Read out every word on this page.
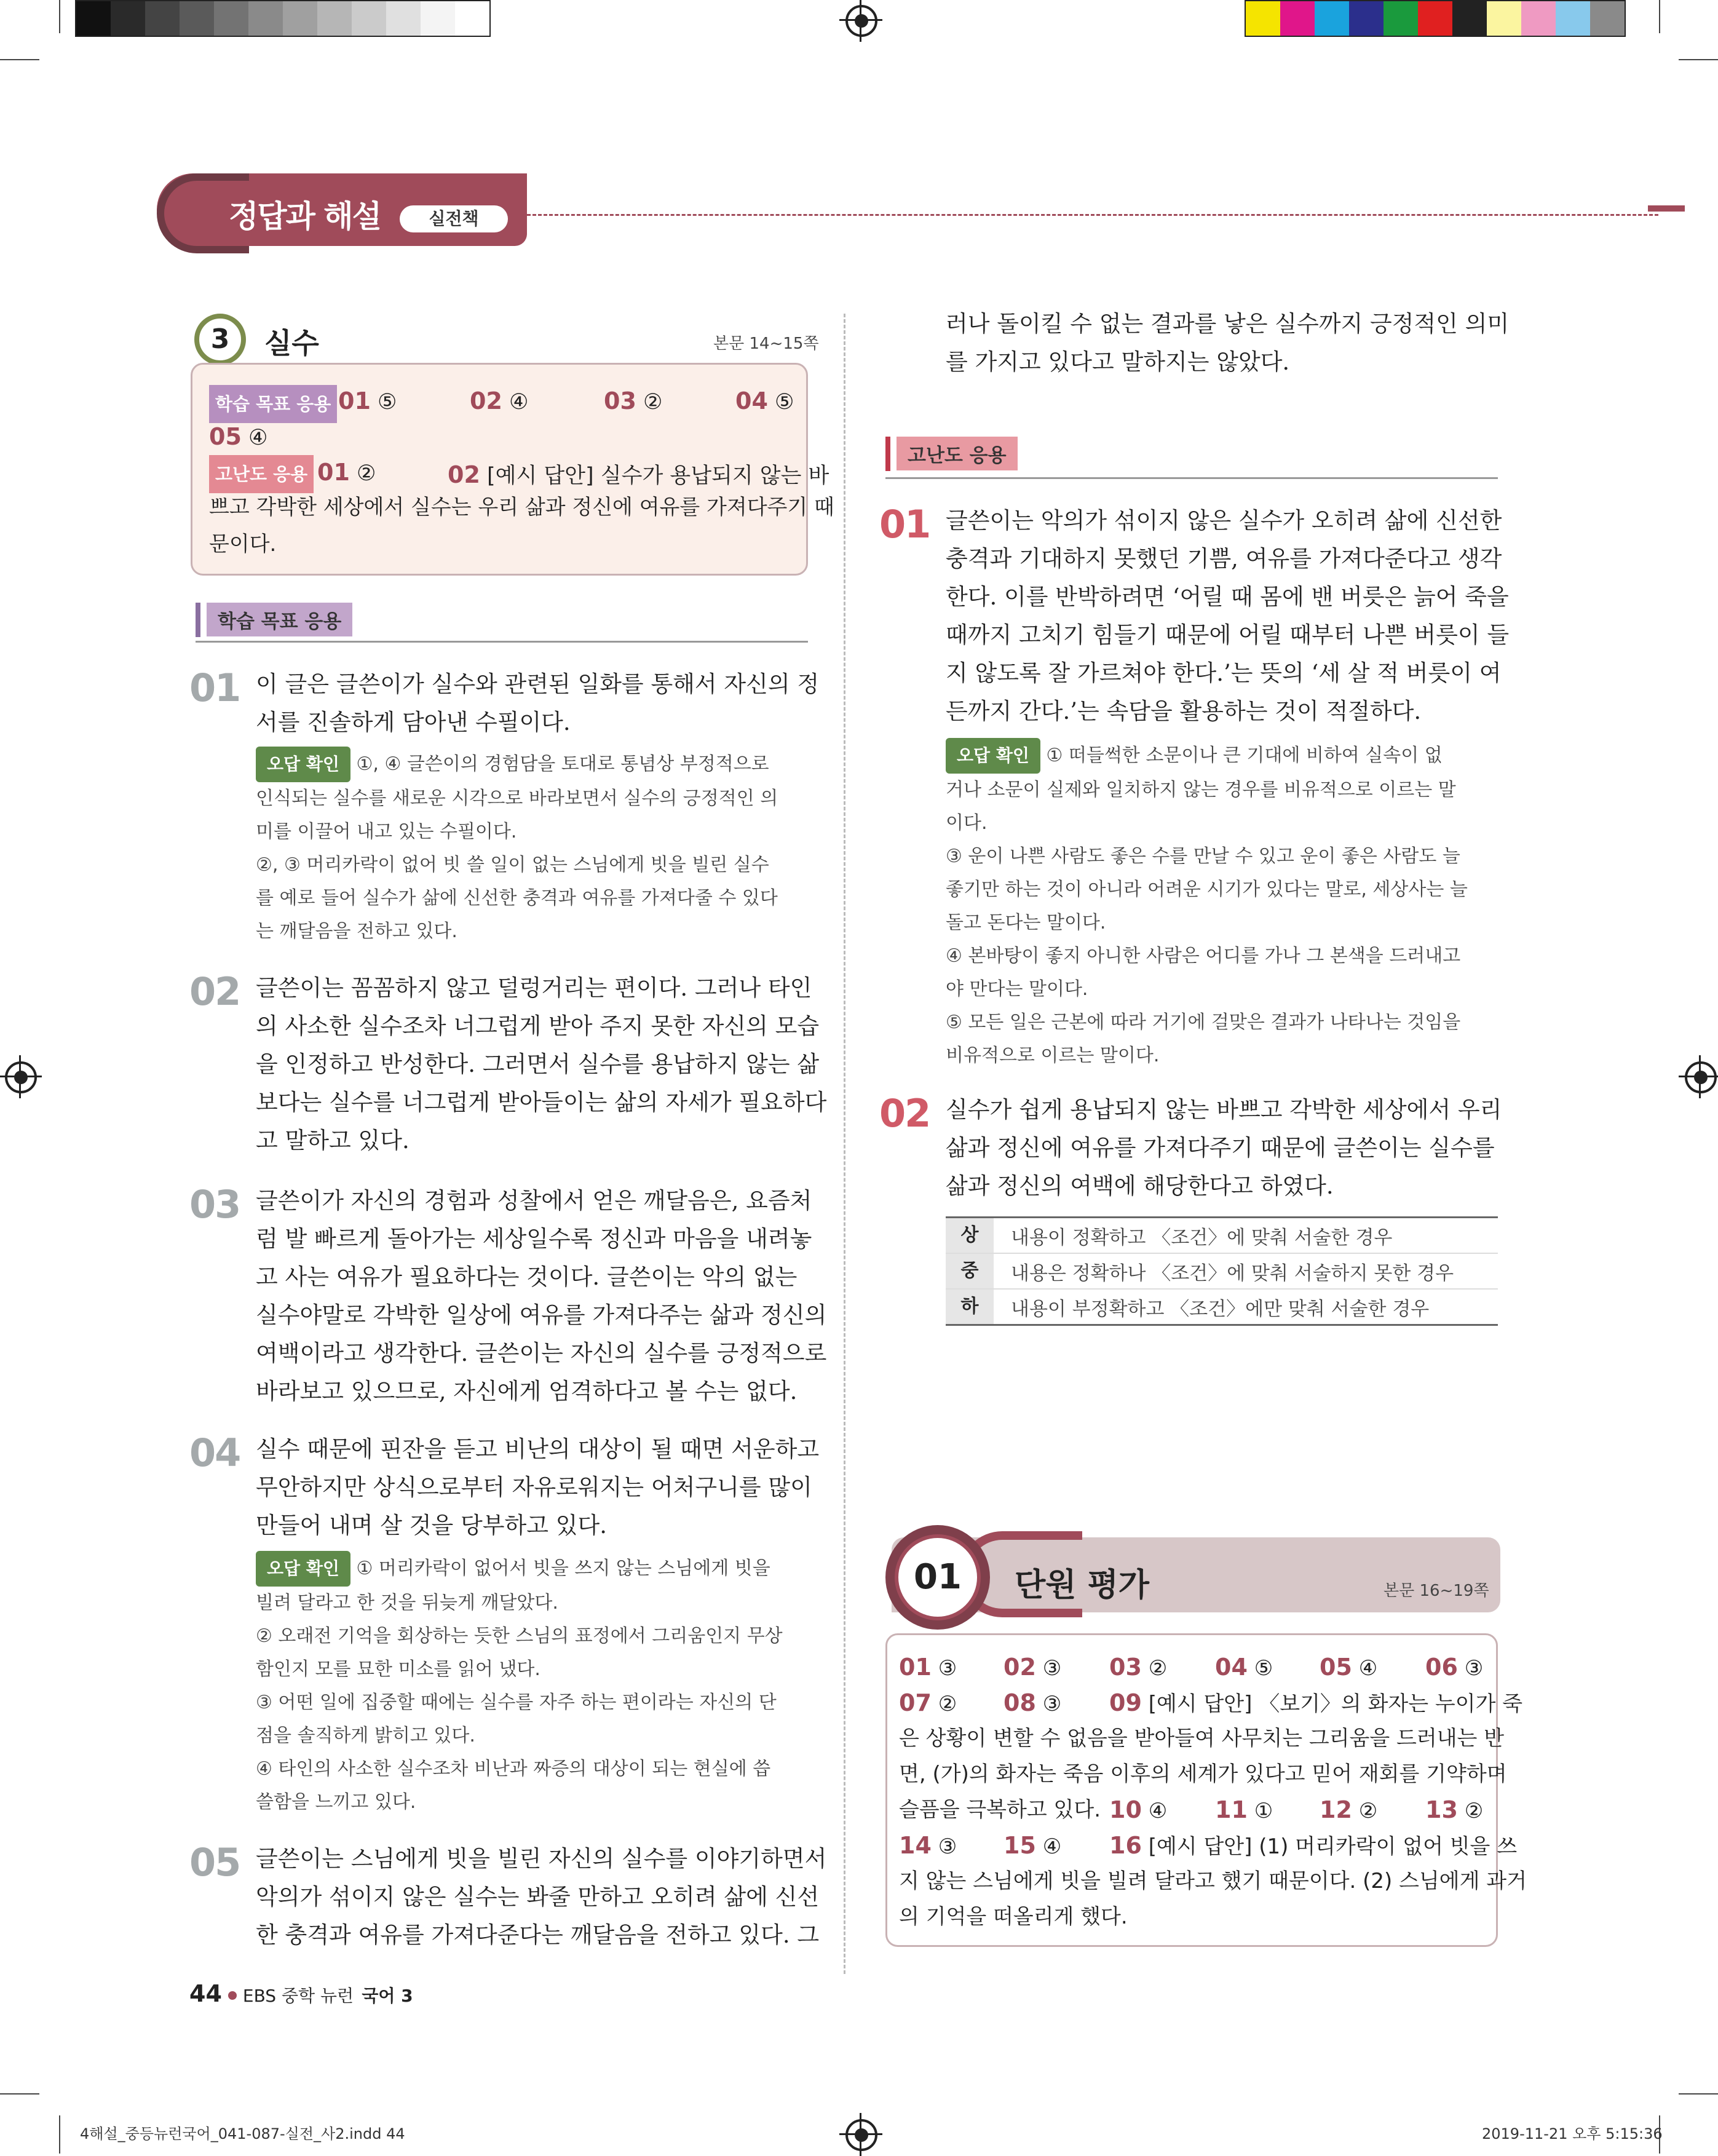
정답과 해설	실전책
3	실수	본문 14~15쪽
학습 목표 응용 01 ⑤	02 ④	03 ②	04 ⑤
05 ④
고난도 응용 01 ②	02 [예시 답안] 실수가 용납되지 않는 바
쁘고 각박한 세상에서 실수는 우리 삶과 정신에 여유를 가져다주기 때
문이다.
학습 목표 응용
01 이 글은 글쓴이가 실수와 관련된 일화를 통해서 자신의 정
서를 진솔하게 담아낸 수필이다.
오답 확인 ①, ④ 글쓴이의 경험담을 토대로 통념상 부정적으로
인식되는 실수를 새로운 시각으로 바라보면서 실수의 긍정적인 의
미를 이끌어 내고 있는 수필이다.
②, ③ 머리카락이 없어 빗 쓸 일이 없는 스님에게 빗을 빌린 실수
를 예로 들어 실수가 삶에 신선한 충격과 여유를 가져다줄 수 있다
는 깨달음을 전하고 있다.
02 글쓴이는 꼼꼼하지 않고 덜렁거리는 편이다. 그러나 타인
의 사소한 실수조차 너그럽게 받아 주지 못한 자신의 모습
을 인정하고 반성한다. 그러면서 실수를 용납하지 않는 삶
보다는 실수를 너그럽게 받아들이는 삶의 자세가 필요하다
고 말하고 있다.
03 글쓴이가 자신의 경험과 성찰에서 얻은 깨달음은, 요즘처
럼 발 빠르게 돌아가는 세상일수록 정신과 마음을 내려놓
고 사는 여유가 필요하다는 것이다. 글쓴이는 악의 없는
실수야말로 각박한 일상에 여유를 가져다주는 삶과 정신의
여백이라고 생각한다. 글쓴이는 자신의 실수를 긍정적으로
바라보고 있으므로, 자신에게 엄격하다고 볼 수는 없다.
04 실수 때문에 핀잔을 듣고 비난의 대상이 될 때면 서운하고
무안하지만 상식으로부터 자유로워지는 어처구니를 많이
만들어 내며 살 것을 당부하고 있다.
오답 확인 ① 머리카락이 없어서 빗을 쓰지 않는 스님에게 빗을
빌려 달라고 한 것을 뒤늦게 깨달았다.
② 오래전 기억을 회상하는 듯한 스님의 표정에서 그리움인지 무상
함인지 모를 묘한 미소를 읽어 냈다.
③ 어떤 일에 집중할 때에는 실수를 자주 하는 편이라는 자신의 단
점을 솔직하게 밝히고 있다.
④ 타인의 사소한 실수조차 비난과 짜증의 대상이 되는 현실에 씁
쓸함을 느끼고 있다.
05 글쓴이는 스님에게 빗을 빌린 자신의 실수를 이야기하면서
악의가 섞이지 않은 실수는 봐줄 만하고 오히려 삶에 신선
한 충격과 여유를 가져다준다는 깨달음을 전하고 있다. 그
러나 돌이킬 수 없는 결과를 낳은 실수까지 긍정적인 의미
를 가지고 있다고 말하지는 않았다.
고난도 응용
01 글쓴이는 악의가 섞이지 않은 실수가 오히려 삶에 신선한
충격과 기대하지 못했던 기쁨, 여유를 가져다준다고 생각
한다. 이를 반박하려면 ‘어릴 때 몸에 밴 버릇은 늙어 죽을
때까지 고치기 힘들기 때문에 어릴 때부터 나쁜 버릇이 들
지 않도록 잘 가르쳐야 한다.’는 뜻의 ‘세 살 적 버릇이 여
든까지 간다.’는 속담을 활용하는 것이 적절하다.
오답 확인 ① 떠들썩한 소문이나 큰 기대에 비하여 실속이 없
거나 소문이 실제와 일치하지 않는 경우를 비유적으로 이르는 말
이다.
③ 운이 나쁜 사람도 좋은 수를 만날 수 있고 운이 좋은 사람도 늘
좋기만 하는 것이 아니라 어려운 시기가 있다는 말로, 세상사는 늘
돌고 돈다는 말이다.
④ 본바탕이 좋지 아니한 사람은 어디를 가나 그 본색을 드러내고
야 만다는 말이다.
⑤ 모든 일은 근본에 따라 거기에 걸맞은 결과가 나타나는 것임을
비유적으로 이르는 말이다.
02 실수가 쉽게 용납되지 않는 바쁘고 각박한 세상에서 우리
삶과 정신에 여유를 가져다주기 때문에 글쓴이는 실수를
삶과 정신의 여백에 해당한다고 하였다.
상	내용이 정확하고 〈조건〉에 맞춰 서술한 경우
중	내용은 정확하나 〈조건〉에 맞춰 서술하지 못한 경우
하	내용이 부정확하고 〈조건〉에만 맞춰 서술한 경우
01	단원 평가	본문 16~19쪽
01 ③ 02 ③ 03 ② 04 ⑤ 05 ④ 06 ③
07 ② 08 ③ 09 [예시 답안] 〈보기〉의 화자는 누이가 죽
은 상황이 변할 수 없음을 받아들여 사무치는 그리움을 드러내는 반
면, (가)의 화자는 죽음 이후의 세계가 있다고 믿어 재회를 기약하며
슬픔을 극복하고 있다. 10 ④ 11 ① 12 ② 13 ②
14 ③ 15 ④ 16 [예시 답안] (1) 머리카락이 없어 빗을 쓰
지 않는 스님에게 빗을 빌려 달라고 했기 때문이다. (2) 스님에게 과거
의 기억을 떠올리게 했다.
44 EBS 중학 뉴런 국어 3
4해설_중등뉴런국어_041-087-실전_사2.indd 44	2019-11-21 오후 5:15:36
